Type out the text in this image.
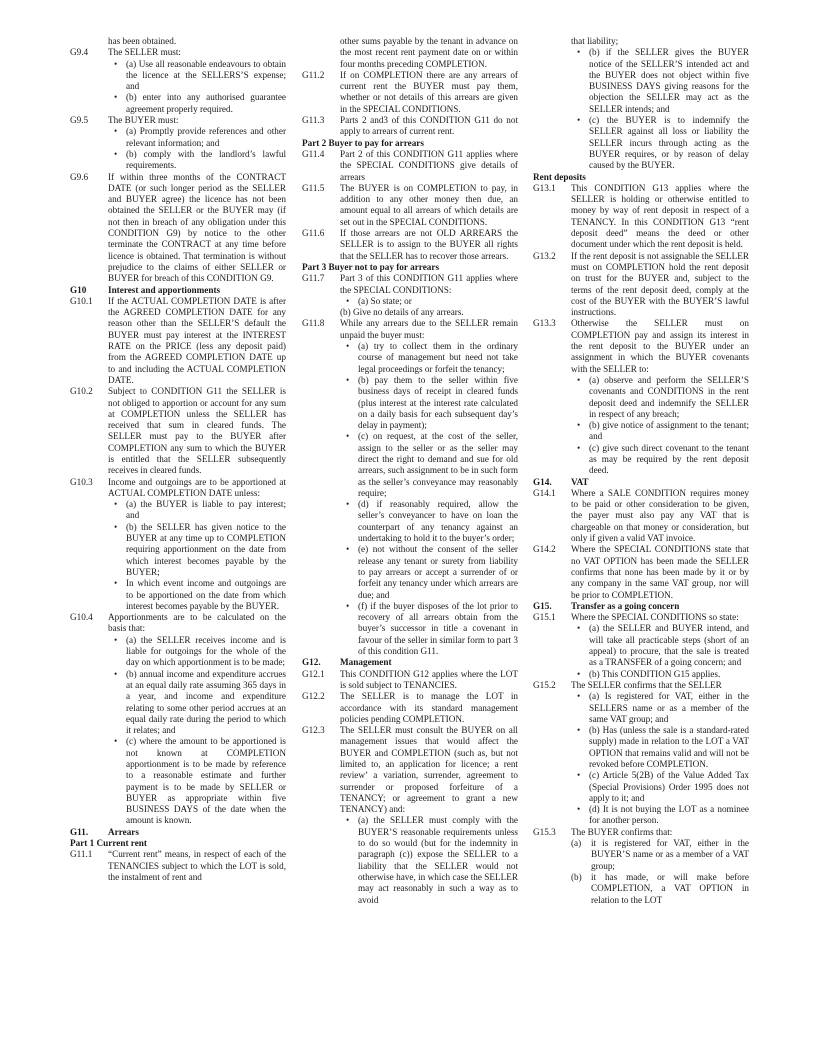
has been obtained.

G9.4	The SELLER must:
• (a) Use all reasonable endeavours to obtain the licence at the SELLERS’S expense; and
• (b) enter into any authorised guarantee agreement properly required.
G9.5	The BUYER must:
• (a) Promptly provide references and other relevant information; and
• (b) comply with the landlord’s lawful requirements.
G9.6	If within three months of the CONTRACT DATE (or such longer period as the SELLER and BUYER agree) the licence has not been obtained the SELLER or the BUYER may (if not then in breach of any obligation under this CONDITION G9) by notice to the other terminate the CONTRACT at any time before licence is obtained. That termination is without prejudice to the claims of either SELLER or BUYER for breach of this CONDITION G9.
G10	Interest and apportionments
G10.1	If the ACTUAL COMPLETION DATE is after the AGREED COMPLETION DATE for any reason other than the SELLER’S default the BUYER must pay interest at the INTEREST RATE on the PRICE (less any deposit paid) from the AGREED COMPLETION DATE up to and including the ACTUAL COMPLETION DATE.
G10.2	Subject to CONDITION G11 the SELLER is not obliged to apportion or account for any sum at COMPLETION unless the SELLER has received that sum in cleared funds. The SELLER must pay to the BUYER after COMPLETION any sum to which the BUYER is entitled that the SELLER subsequently receives in cleared funds.
G10.3	Income and outgoings are to be apportioned at ACTUAL COMPLETION DATE unless:
• (a) the BUYER is liable to pay interest; and
• (b) the SELLER has given notice to the BUYER at any time up to COMPLETION requiring apportionment on the date from which interest becomes payable by the BUYER;
• In which event income and outgoings are to be apportioned on the date from which interest becomes payable by the BUYER.
G10.4	Apportionments are to be calculated on the basis that:
• (a) the SELLER receives income and is liable for outgoings for the whole of the day on which apportionment is to be made;
• (b) annual income and expenditure accrues at an equal daily rate assuming 365 days in a year, and income and expenditure relating to some other period accrues at an equal daily rate during the period to which it relates; and
• (c) where the amount to be apportioned is not known at COMPLETION apportionment is to be made by reference to a reasonable estimate and further payment is to be made by SELLER or BUYER as appropriate within five BUSINESS DAYS of the date when the amount is known.
G11.	Arrears

Part 1 Current rent

G11.1	“Current rent” means, in respect of each of the TENANCIES subject to which the LOT is sold, the instalment of rent and

other sums payable by the tenant in advance on the most recent rent payment date on or within four months preceding COMPLETION.

G11.2	If on COMPLETION there are any arrears of current rent the BUYER must pay them, whether or not details of this arrears are given in the SPECIAL CONDITIONS.
G11.3	Parts 2 and3 of this CONDITION G11 do not apply to arrears of current rent.

Part 2 Buyer to pay for arrears

G11.4	Part 2 of this CONDITION G11 applies where the SPECIAL CONDITIONS give details of arrears
G11.5	The BUYER is on COMPLETION to pay, in addition to any other money then due, an amount equal to all arrears of which details are set out in the SPECIAL CONDITIONS.
G11.6	If those arrears are not OLD ARREARS the SELLER is to assign to the BUYER all rights that the SELLER has to recover those arrears.

Part 3 Buyer not to pay for arrears

G11.7	Part 3 of this CONDITION G11 applies where the SPECIAL CONDITIONS:
• (a) So state; or

(b) Give no details of any arrears.

G11.8	While any arrears due to the SELLER remain unpaid the buyer must:
• (a) try to collect them in the ordinary course of management but need not take legal proceedings or forfeit the tenancy;
• (b) pay them to the seller within five business days of receipt in cleared funds (plus interest at the interest rate calculated on a daily basis for each subsequent day’s delay in payment);
• (c) on request, at the cost of the seller, assign to the seller or as the seller may direct the right to demand and sue for old arrears, such assignment to be in such form as the seller’s conveyance may reasonably require;
• (d) if reasonably required, allow the seller’s conveyancer to have on loan the counterpart of any tenancy against an undertaking to hold it to the buyer’s order;
• (e) not without the consent of the seller release any tenant or surety from liability to pay arrears or accept a surrender of or forfeit any tenancy under which arrears are due; and
• (f) if the buyer disposes of the lot prior to recovery of all arrears obtain from the buyer’s successor in title a covenant in favour of the seller in similar form to part 3 of this condition G11.
G12.	Management
G12.1	This CONDITION G12 applies where the LOT is sold subject to TENANCIES.
G12.2	The SELLER is to manage the LOT in accordance with its standard management policies pending COMPLETION.
G12.3	The SELLER must consult the BUYER on all management issues that would affect the BUYER and COMPLETION (such as, but not limited to, an application for licence; a rent review’ a variation, surrender, agreement to surrender or proposed forfeiture of a TENANCY; or agreement to grant a new TENANCY) and:
• (a) the SELLER must comply with the BUYER’S reasonable requirements unless to do so would (but for the indemnity in paragraph (c)) expose the SELLER to a liability that the SELLER would not otherwise have, in which case the SELLER may act reasonably in such a way as to avoid

that liability;

• (b) if the SELLER gives the BUYER notice of the SELLER’S intended act and the BUYER does not object within five BUSINESS DAYS giving reasons for the objection the SELLER may act as the SELLER intends; and
• (c) the BUYER is to indemnify the SELLER against all loss or liability the SELLER incurs through acting as the BUYER requires, or by reason of delay caused by the BUYER.

Rent deposits

G13.1	This CONDITION G13 applies where the SELLER is holding or otherwise entitled to money by way of rent deposit in respect of a TENANCY. In this CONDITION G13 “rent deposit deed” means the deed or other document under which the rent deposit is held.
G13.2	If the rent deposit is not assignable the SELLER must on COMPLETION hold the rent deposit on trust for the BUYER and, subject to the terms of the rent deposit deed, comply at the cost of the BUYER with the BUYER’S lawful instructions.
G13.3	Otherwise the SELLER must on COMPLETION pay and assign its interest in the rent deposit to the BUYER under an assignment in which the BUYER covenants with the SELLER to:
• (a) observe and perform the SELLER’S covenants and CONDITIONS in the rent deposit deed and indemnify the SELLER in respect of any breach;
• (b) give notice of assignment to the tenant; and
• (c) give such direct covenant to the tenant as may be required by the rent deposit deed.
G14.	VAT
G14.1	Where a SALE CONDITION requires money to be paid or other consideration to be given, the payer must also pay any VAT that is chargeable on that money or consideration, but only if given a valid VAT invoice.
G14.2	Where the SPECIAL CONDITIONS state that no VAT OPTION has been made the SELLER confirms that none has been made by it or by any company in the same VAT group, nor will be prior to COMPLETION.
G15.	Transfer as a going concern
G15.1	Where the SPECIAL CONDITIONS so state:
• (a) the SELLER and BUYER intend, and will take all practicable steps (short of an appeal) to procure, that the sale is treated as a TRANSFER of a going concern; and
• (b) This CONDITION G15 applies.
G15.2	The SELLER confirms that the SELLER
• (a) Is registered for VAT, either in the SELLERS name or as a member of the same VAT group; and
• (b) Has (unless the sale is a standard-rated supply) made in relation to the LOT a VAT OPTION that remains valid and will not be revoked before COMPLETION.
• (c) Article 5(2B) of the Value Added Tax (Special Provisions) Order 1995 does not apply to it; and
• (d) It is not buying the LOT as a nominee for another person.
G15.3	The BUYER confirms that:
(a)	it is registered for VAT, either in the BUYER’S name or as a member of a VAT group;
(b)	it has made, or will make before COMPLETION, a VAT OPTION in relation to the LOT
